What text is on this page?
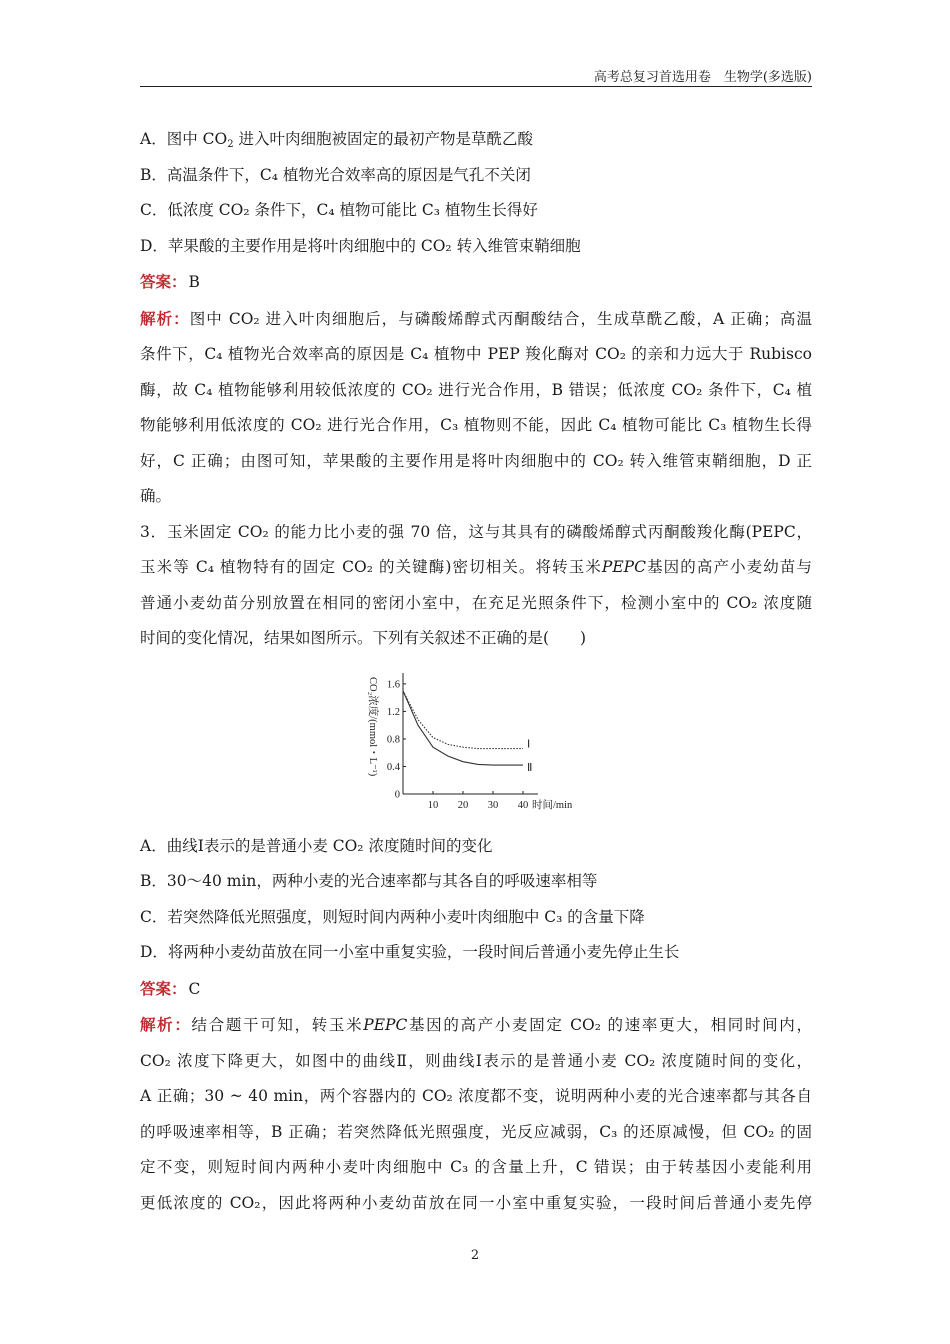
高考总复习首选用卷　生物学(多选版)
A．图中 $CO_2$ 进入叶肉细胞被固定的最初产物是草酰乙酸
B．高温条件下，C₄ 植物光合效率高的原因是气孔不关闭
C．低浓度 CO₂ 条件下，C₄ 植物可能比 C₃ 植物生长得好
D．苹果酸的主要作用是将叶肉细胞中的 CO₂ 转入维管束鞘细胞
答案： B
解析：图中 CO₂ 进入叶肉细胞后，与磷酸烯醇式丙酮酸结合，生成草酰乙酸，A 正确；高温
条件下，C₄ 植物光合效率高的原因是 C₄ 植物中 PEP 羧化酶对 CO₂ 的亲和力远大于 Rubisco
酶，故 C₄ 植物能够利用较低浓度的 CO₂ 进行光合作用，B 错误；低浓度 CO₂ 条件下，C₄ 植
物能够利用低浓度的 CO₂ 进行光合作用，C₃ 植物则不能，因此 C₄ 植物可能比 C₃ 植物生长得
好，C 正确；由图可知，苹果酸的主要作用是将叶肉细胞中的 CO₂ 转入维管束鞘细胞，D 正
确。
3．玉米固定 CO₂ 的能力比小麦的强 70 倍，这与其具有的磷酸烯醇式丙酮酸羧化酶(PEPC，
玉米等 C₄ 植物特有的固定 CO₂ 的关键酶)密切相关。将转玉米PEPC基因的高产小麦幼苗与
普通小麦幼苗分别放置在相同的密闭小室中，在充足光照条件下，检测小室中的 CO₂ 浓度随
时间的变化情况，结果如图所示。下列有关叙述不正确的是(　　)
0
0.4
0.8
1.2
1.6
10 20 30 40 时间/min
CO₂浓度/(mmol・L⁻¹)	Ⅰ
Ⅱ
A．曲线Ⅰ表示的是普通小麦 CO₂ 浓度随时间的变化
B．30～40 min，两种小麦的光合速率都与其各自的呼吸速率相等
C．若突然降低光照强度，则短时间内两种小麦叶肉细胞中 C₃ 的含量下降
D．将两种小麦幼苗放在同一小室中重复实验，一段时间后普通小麦先停止生长
答案： C
解析：结合题干可知，转玉米PEPC基因的高产小麦固定 CO₂ 的速率更大，相同时间内，
CO₂ 浓度下降更大，如图中的曲线Ⅱ，则曲线Ⅰ表示的是普通小麦 CO₂ 浓度随时间的变化，
A 正确；30 ~ 40 min，两个容器内的 CO₂ 浓度都不变，说明两种小麦的光合速率都与其各自
的呼吸速率相等，B 正确；若突然降低光照强度，光反应减弱，C₃ 的还原减慢，但 CO₂ 的固
定不变，则短时间内两种小麦叶肉细胞中 C₃ 的含量上升，C 错误；由于转基因小麦能利用
更低浓度的 CO₂，因此将两种小麦幼苗放在同一小室中重复实验，一段时间后普通小麦先停
2
